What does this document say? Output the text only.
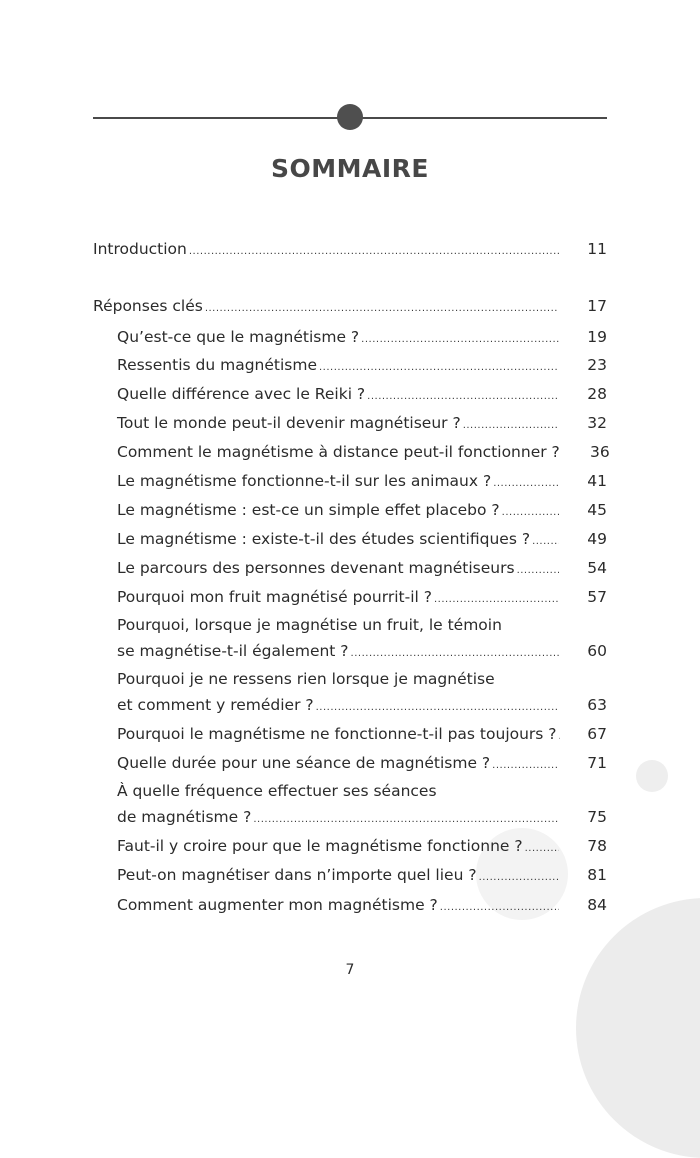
SOMMAIRE
Introduction .....	11
Réponses clés .....	17
Qu’est-ce que le magnétisme ? .....	19
Ressentis du magnétisme .....	23
Quelle différence avec le Reiki ? .....	28
Tout le monde peut-il devenir magnétiseur ? .....	32
Comment le magnétisme à distance peut-il fonctionner ?	36
Le magnétisme fonctionne-t-il sur les animaux ? .....	41
Le magnétisme : est-ce un simple effet placebo ? .....	45
Le magnétisme : existe-t-il des études scientifiques ? .....	49
Le parcours des personnes devenant magnétiseurs .....	54
Pourquoi mon fruit magnétisé pourrit-il ? .....	57
Pourquoi, lorsque je magnétise un fruit, le témoin
se magnétise-t-il également ? .....	60
Pourquoi je ne ressens rien lorsque je magnétise
et comment y remédier ? .....	63
Pourquoi le magnétisme ne fonctionne-t-il pas toujours ? .....	67
Quelle durée pour une séance de magnétisme ? .....	71
À quelle fréquence effectuer ses séances
de magnétisme ? .....	75
Faut-il y croire pour que le magnétisme fonctionne ? .....	78
Peut-on magnétiser dans n’importe quel lieu ? .....	81
Comment augmenter mon magnétisme ? .....	84
7
